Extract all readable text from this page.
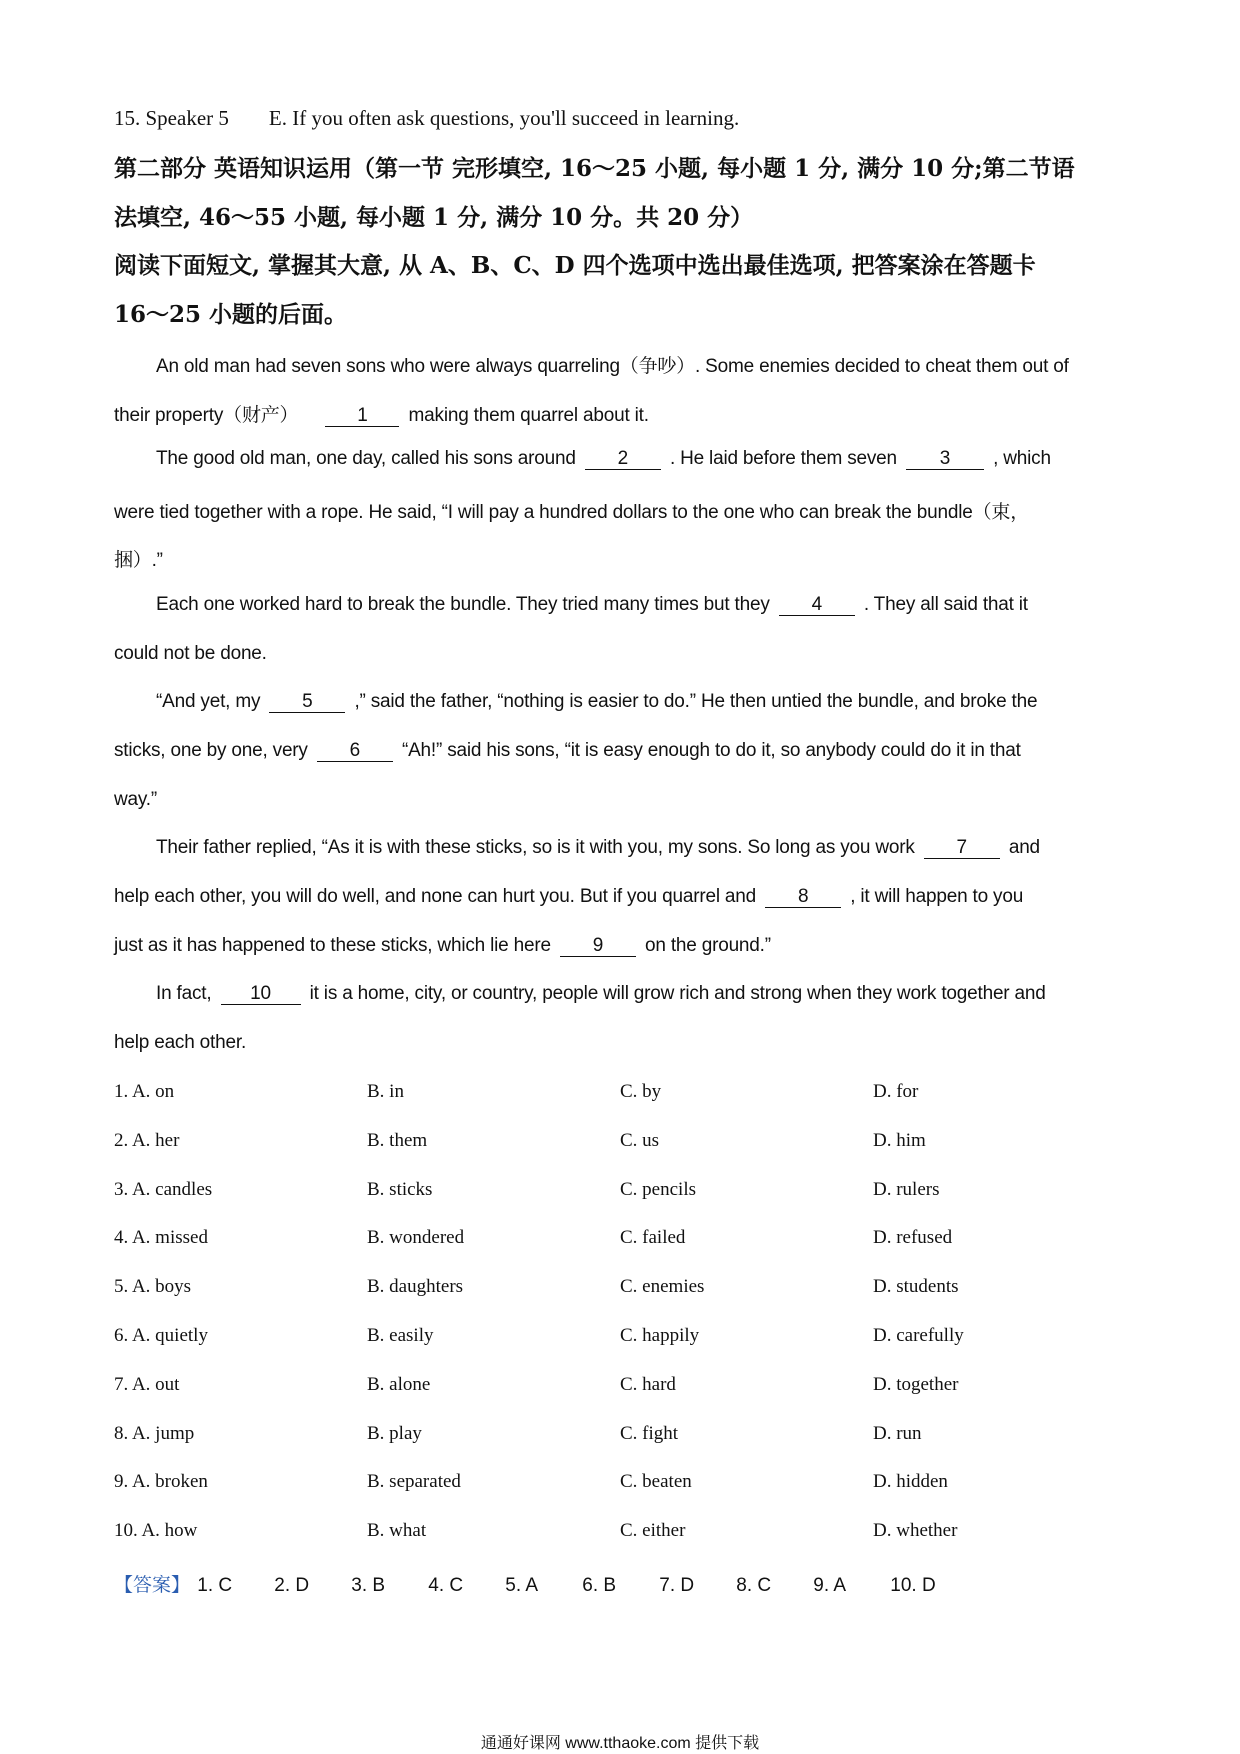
15. Speaker 5 E. If you often ask questions, you'll succeed in learning.
第二部分 英语知识运用（第一节 完形填空, 16～25 小题, 每小题 1 分, 满分 10 分;第二节语
法填空, 46～55 小题, 每小题 1 分, 满分 10 分。共 20 分）
阅读下面短文, 掌握其大意, 从 A、B、C、D 四个选项中选出最佳选项, 把答案涂在答题卡
16～25 小题的后面。
An old man had seven sons who were always quarreling（争吵）. Some enemies decided to cheat them out of
their property（财产）	1 making them quarrel about it.
The good old man, one day, called his sons around 2 . He laid before them seven 3 , which
were tied together with a rope. He said, “I will pay a hundred dollars to the one who can break the bundle（束，
捆）.”
Each one worked hard to break the bundle. They tried many times but they 4 . They all said that it
could not be done.
“And yet, my 5 ,” said the father, “nothing is easier to do.” He then untied the bundle, and broke the
sticks, one by one, very 6 “Ah!” said his sons, “it is easy enough to do it, so anybody could do it in that
way.”
Their father replied, “As it is with these sticks, so is it with you, my sons. So long as you work 7 and
help each other, you will do well, and none can hurt you. But if you quarrel and 8 , it will happen to you
just as it has happened to these sticks, which lie here 9 on the ground.”
In fact, 10 it is a home, city, or country, people will grow rich and strong when they work together and
help each other.
1. A. on	B. in	C. by	D. for
2. A. her	B. them	C. us	D. him
3. A. candles	B. sticks	C. pencils	D. rulers
4. A. missed	B. wondered	C. failed	D. refused
5. A. boys	B. daughters	C. enemies	D. students
6. A. quietly	B. easily	C. happily	D. carefully
7. A. out	B. alone	C. hard	D. together
8. A. jump	B. play	C. fight	D. run
9. A. broken	B. separated	C. beaten	D. hidden
10. A. how	B. what	C. either	D. whether
【答案】 1. C 2. D 3. B 4. C 5. A 6. B 7. D 8. C 9. A 10. D
通通好课网 www.tthaoke.com 提供下载
